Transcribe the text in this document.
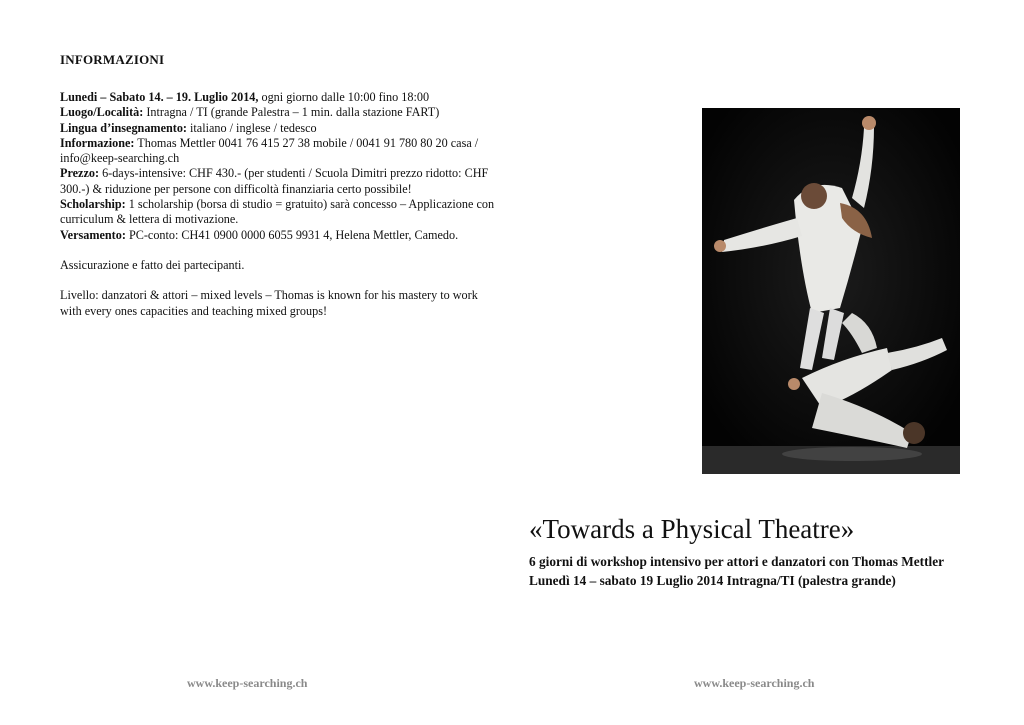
INFORMAZIONI

Lunedi – Sabato 14. – 19. Luglio 2014, ogni giorno dalle 10:00 fino 18:00

Luogo/Località: Intragna / TI (grande Palestra – 1 min. dalla stazione FART)

Lingua d’insegnamento: italiano / inglese / tedesco

Informazione: Thomas Mettler 0041 76 415 27 38 mobile / 0041 91 780 80 20 casa / info@keep-searching.ch

Prezzo: 6-days-intensive: CHF 430.- (per studenti / Scuola Dimitri prezzo ridotto: CHF 300.-) & riduzione per persone con difficoltà finanziaria certo possibile!

Scholarship: 1 scholarship (borsa di studio = gratuito) sarà concesso – Applicazione con curriculum & lettera di motivazione.

Versamento: PC-conto: CH41 0900 0000 6055 9931 4, Helena Mettler, Camedo.

Assicurazione e fatto dei partecipanti.

Livello: danzatori & attori – mixed levels – Thomas is known for his mastery to work with every ones capacities and teaching mixed groups!

«Towards a Physical Theatre»
6 giorni di workshop intensivo per attori e danzatori con Thomas Mettler
Lunedì 14 – sabato 19 Luglio 2014 Intragna/TI (palestra grande)
www.keep-searching.ch	www.keep-searching.ch
